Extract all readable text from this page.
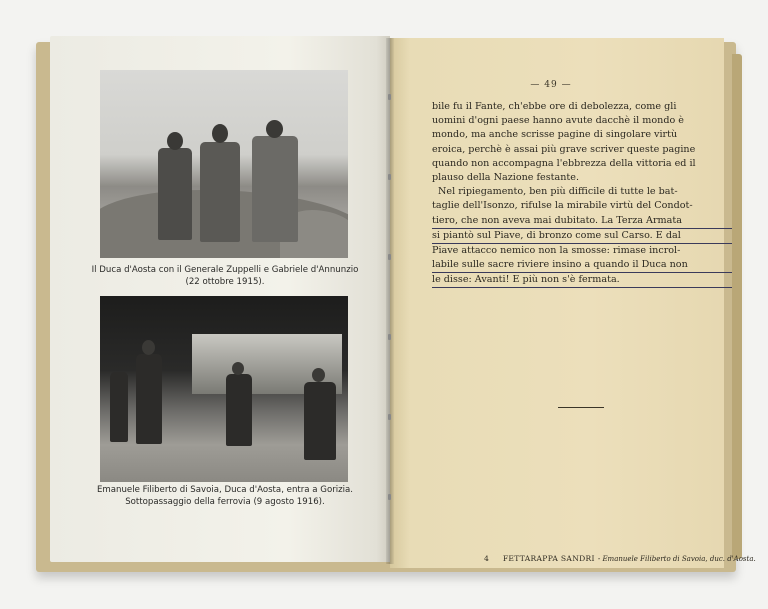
Il Duca d'Aosta con il Generale Zuppelli e Gabriele d'Annunzio
(22 ottobre 1915).
Emanuele Filiberto di Savoia, Duca d'Aosta, entra a Gorizia.
Sottopassaggio della ferrovia (9 agosto 1916).
— 49 —
bile fu il Fante, ch'ebbe ore di debolezza, come gli
uomini d'ogni paese hanno avute dacchè il mondo è
mondo, ma anche scrisse pagine di singolare virtù
eroica, perchè è assai più grave scriver queste pagine
quando non accompagna l'ebbrezza della vittoria ed il
plauso della Nazione festante.
Nel ripiegamento, ben più difficile di tutte le bat-
taglie dell'Isonzo, rifulse la mirabile virtù del Condot-
tiero, che non aveva mai dubitato. La Terza Armata
si piantò sul Piave, di bronzo come sul Carso. E dal
Piave attacco nemico non la smosse: rimase incrol-
labile sulle sacre riviere insino a quando il Duca non
le disse: Avanti! E più non s'è fermata.
4 FETTARAPPA SANDRI - Emanuele Filiberto di Savoia, duc. d'Aosta.
